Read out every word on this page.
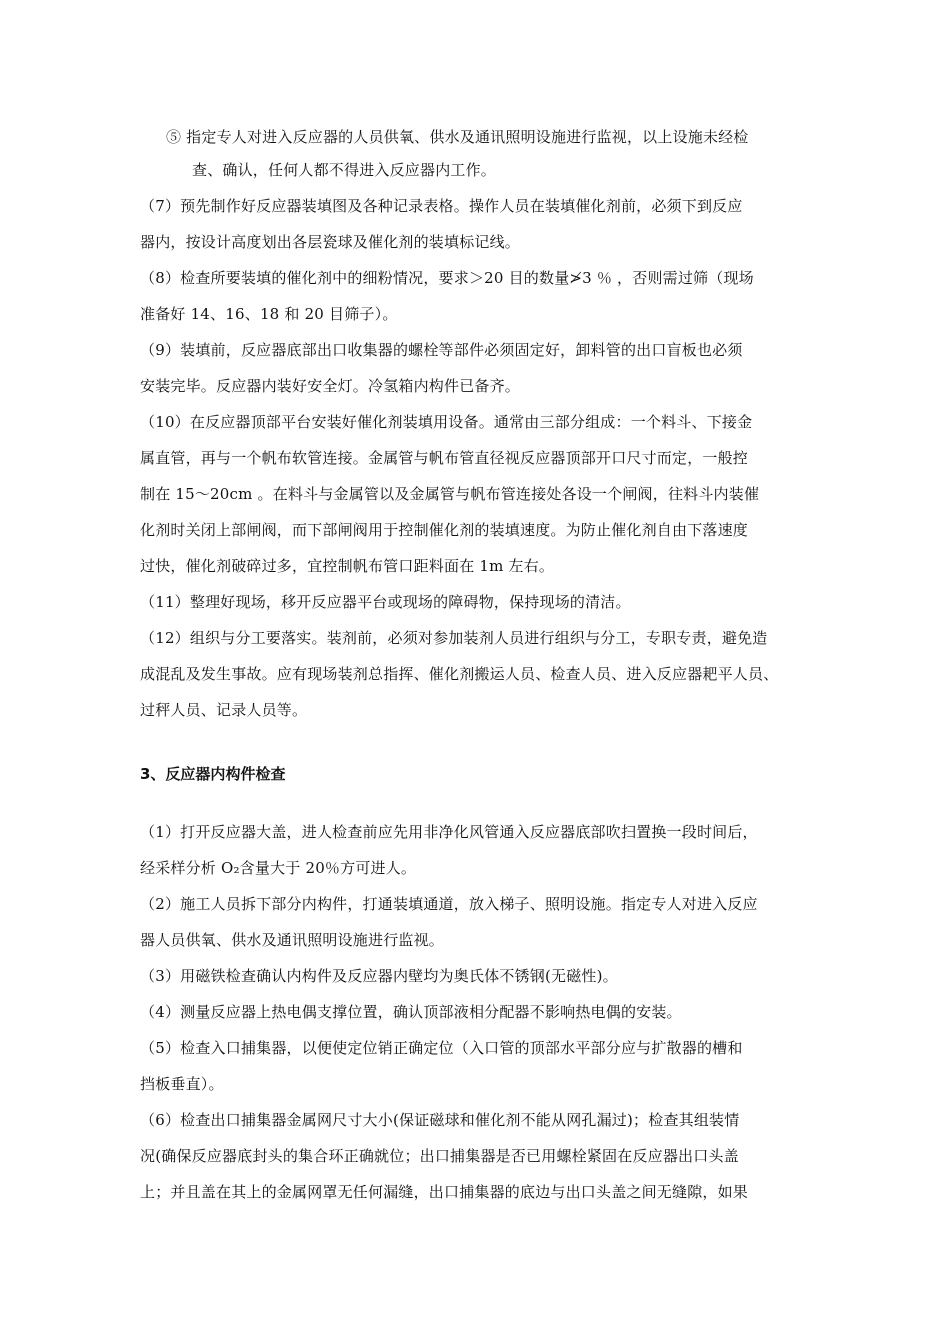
⑤ 指定专人对进入反应器的人员供氧、供水及通讯照明设施进行监视，以上设施未经检
查、确认，任何人都不得进入反应器内工作。
（7）预先制作好反应器装填图及各种记录表格。操作人员在装填催化剂前，必须下到反应
器内，按设计高度划出各层瓷球及催化剂的装填标记线。
（8）检查所要装填的催化剂中的细粉情况，要求＞20 目的数量≯3 ％ ，否则需过筛（现场
准备好 14、16、18 和 20 目筛子）。
（9）装填前，反应器底部出口收集器的螺栓等部件必须固定好，卸料管的出口盲板也必须
安装完毕。反应器内装好安全灯。冷氢箱内构件已备齐。
（10）在反应器顶部平台安装好催化剂装填用设备。通常由三部分组成：一个料斗、下接金
属直管，再与一个帆布软管连接。金属管与帆布管直径视反应器顶部开口尺寸而定，一般控
制在 15～20cm 。在料斗与金属管以及金属管与帆布管连接处各设一个闸阀，往料斗内装催
化剂时关闭上部闸阀，而下部闸阀用于控制催化剂的装填速度。为防止催化剂自由下落速度
过快，催化剂破碎过多，宜控制帆布管口距料面在 1m 左右。
（11）整理好现场，移开反应器平台或现场的障碍物，保持现场的清洁。
（12）组织与分工要落实。装剂前，必须对参加装剂人员进行组织与分工，专职专责，避免造
成混乱及发生事故。应有现场装剂总指挥、催化剂搬运人员、检查人员、进入反应器耙平人员、
过秤人员、记录人员等。
3、反应器内构件检查
（1）打开反应器大盖，进人检查前应先用非净化风管通入反应器底部吹扫置换一段时间后，
经采样分析 O₂含量大于 20％方可进人。
（2）施工人员拆下部分内构件，打通装填通道，放入梯子、照明设施。指定专人对进入反应
器人员供氧、供水及通讯照明设施进行监视。
（3）用磁铁检查确认内构件及反应器内壁均为奥氏体不锈钢(无磁性)。
（4）测量反应器上热电偶支撑位置，确认顶部液相分配器不影响热电偶的安装。
（5）检查入口捕集器，以便使定位销正确定位（入口管的顶部水平部分应与扩散器的槽和
挡板垂直）。
（6）检查出口捕集器金属网尺寸大小(保证磁球和催化剂不能从网孔漏过)；检查其组装情
况(确保反应器底封头的集合环正确就位；出口捕集器是否已用螺栓紧固在反应器出口头盖
上；并且盖在其上的金属网罩无任何漏缝，出口捕集器的底边与出口头盖之间无缝隙，如果
